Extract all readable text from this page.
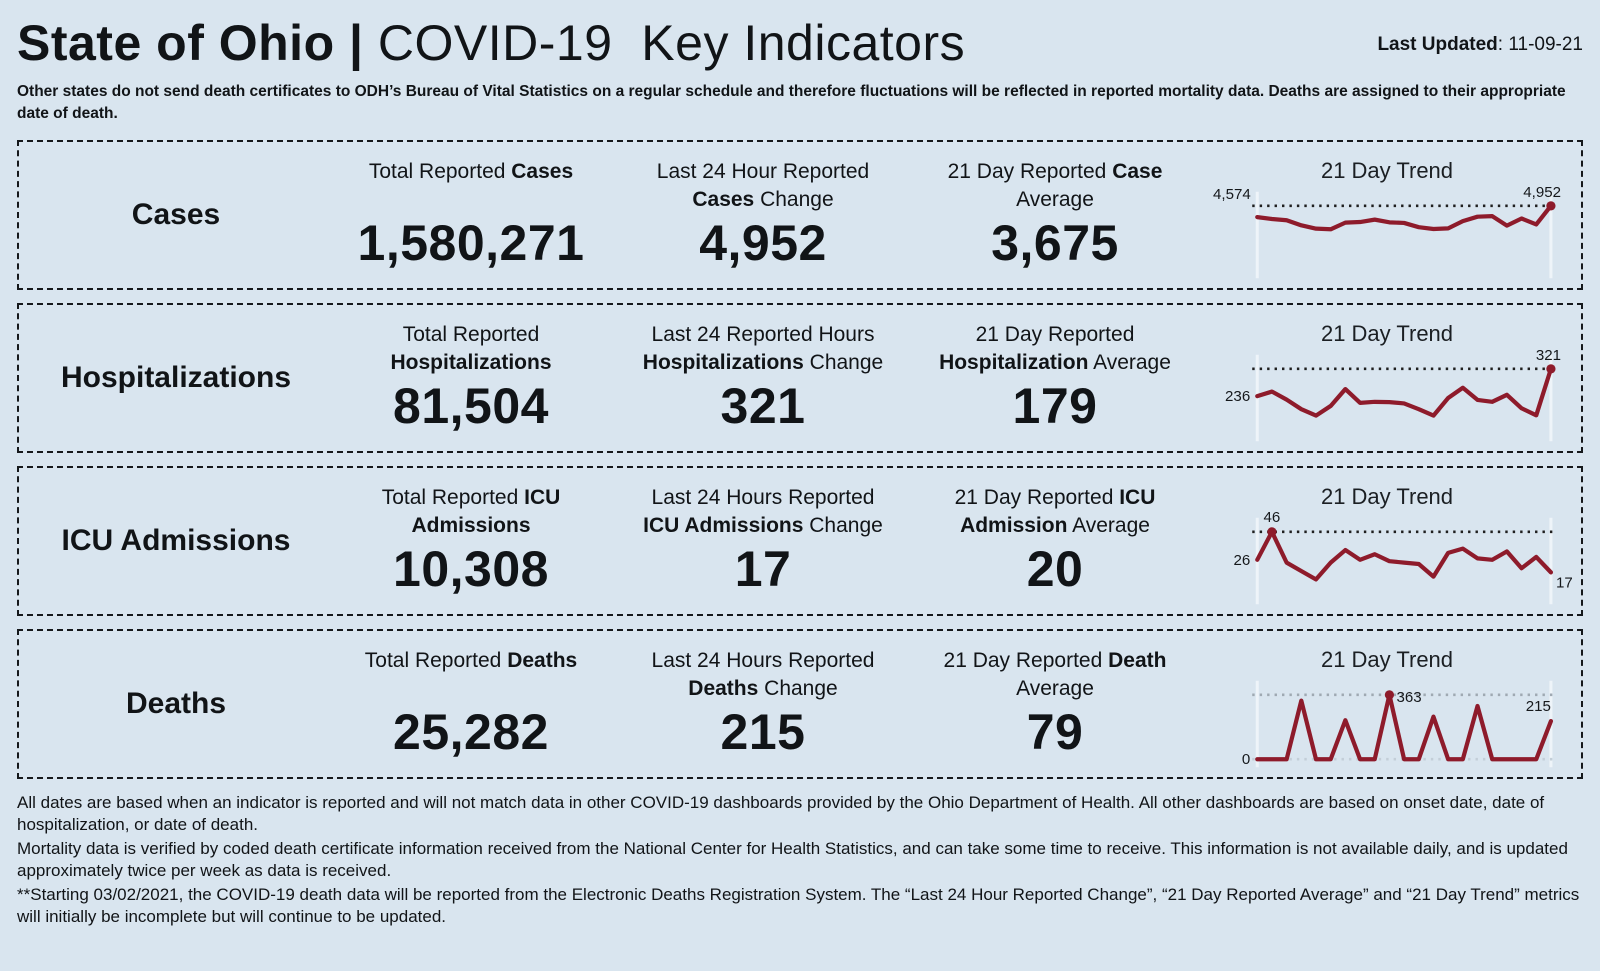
State of Ohio | COVID-19  Key Indicators	Last Updated: 11-09-21

Other states do not send death certificates to ODH’s Bureau of Vital Statistics on a regular schedule and therefore fluctuations will be reflected in reported mortality data. Deaths are assigned to their appropriate date of death.

Cases
Total Reported Cases

1,580,271
Last 24 Hour Reported
Cases Change
4,952
21 Day Reported Case
Average
3,675
21 Day Trend
4,574	4,952
Hospitalizations
Total Reported
Hospitalizations
81,504
Last 24 Reported Hours
Hospitalizations Change
321
21 Day Reported
Hospitalization Average
179
21 Day Trend
236
321
ICU Admissions
Total Reported ICU
Admissions
10,308
Last 24 Hours Reported
ICU Admissions Change
17
21 Day Reported ICU
Admission Average
20
21 Day Trend
46
26
17
Deaths
Total Reported Deaths

25,282
Last 24 Hours Reported
Deaths Change
215
21 Day Reported Death
Average
79
21 Day Trend
0
363
215

All dates are based when an indicator is reported and will not match data in other COVID-19 dashboards provided by the Ohio Department of Health. All other dashboards are based on onset date, date of hospitalization, or date of death.

Mortality data is verified by coded death certificate information received from the National Center for Health Statistics, and can take some time to receive. This information is not available daily, and is updated approximately twice per week as data is received.

**Starting 03/02/2021, the COVID-19 death data will be reported from the Electronic Deaths Registration System. The “Last 24 Hour Reported Change”, “21 Day Reported Average” and “21 Day Trend” metrics will initially be incomplete but will continue to be updated.
